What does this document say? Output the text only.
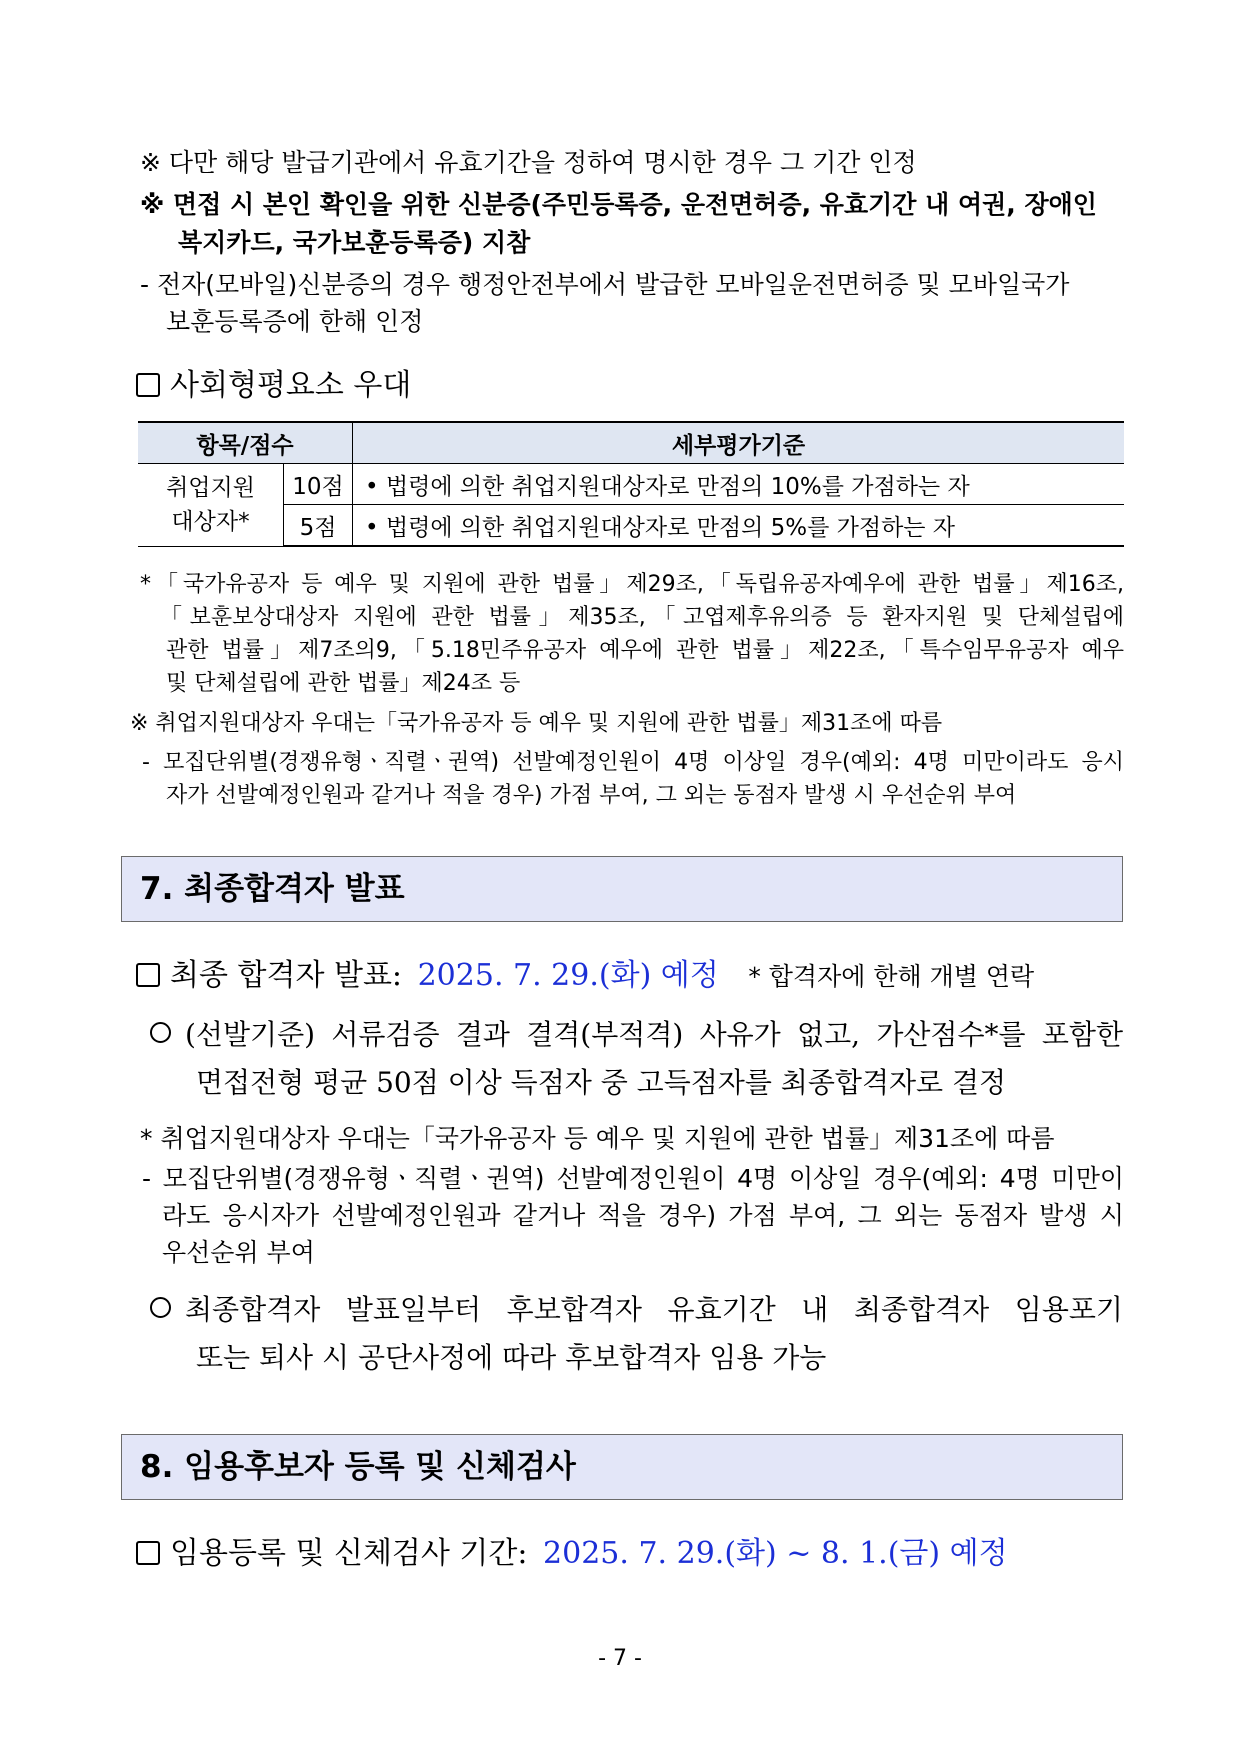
※ 다만 해당 발급기관에서 유효기간을 정하여 명시한 경우 그 기간 인정
※ 면접 시 본인 확인을 위한 신분증(주민등록증, 운전면허증, 유효기간 내 여권, 장애인
복지카드, 국가보훈등록증) 지참
- 전자(모바일)신분증의 경우 행정안전부에서 발급한 모바일운전면허증 및 모바일국가
보훈등록증에 한해 인정
사회형평요소 우대
항목/점수		세부평가기준

취업지원
대상자*	10점	• 법령에 의한 취업지원대상자로 만점의 10%를 가점하는 자
	5점	• 법령에 의한 취업지원대상자로 만점의 5%를 가점하는 자
*「국가유공자 등 예우 및 지원에 관한 법률」제29조,「독립유공자예우에 관한 법률」제16조,
「보훈보상대상자 지원에 관한 법률」제35조,「고엽제후유의증 등 환자지원 및 단체설립에
관한 법률」제7조의9,「5.18민주유공자 예우에 관한 법률」제22조,「특수임무유공자 예우
및 단체설립에 관한 법률」제24조 등
※ 취업지원대상자 우대는「국가유공자 등 예우 및 지원에 관한 법률」제31조에 따름
- 모집단위별(경쟁유형ㆍ직렬ㆍ권역) 선발예정인원이 4명 이상일 경우(예외: 4명 미만이라도 응시
자가 선발예정인원과 같거나 적을 경우) 가점 부여, 그 외는 동점자 발생 시 우선순위 부여
7. 최종합격자 발표
최종 합격자 발표: 2025. 7. 29.(화) 예정 * 합격자에 한해 개별 연락
(선발기준) 서류검증 결과 결격(부적격) 사유가 없고, 가산점수*를 포함한
면접전형 평균 50점 이상 득점자 중 고득점자를 최종합격자로 결정
* 취업지원대상자 우대는「국가유공자 등 예우 및 지원에 관한 법률」제31조에 따름
- 모집단위별(경쟁유형ㆍ직렬ㆍ권역) 선발예정인원이 4명 이상일 경우(예외: 4명 미만이
라도 응시자가 선발예정인원과 같거나 적을 경우) 가점 부여, 그 외는 동점자 발생 시
우선순위 부여
최종합격자 발표일부터 후보합격자 유효기간 내 최종합격자 임용포기
또는 퇴사 시 공단사정에 따라 후보합격자 임용 가능
8. 임용후보자 등록 및 신체검사
임용등록 및 신체검사 기간: 2025. 7. 29.(화) ~ 8. 1.(금) 예정
- 7 -
